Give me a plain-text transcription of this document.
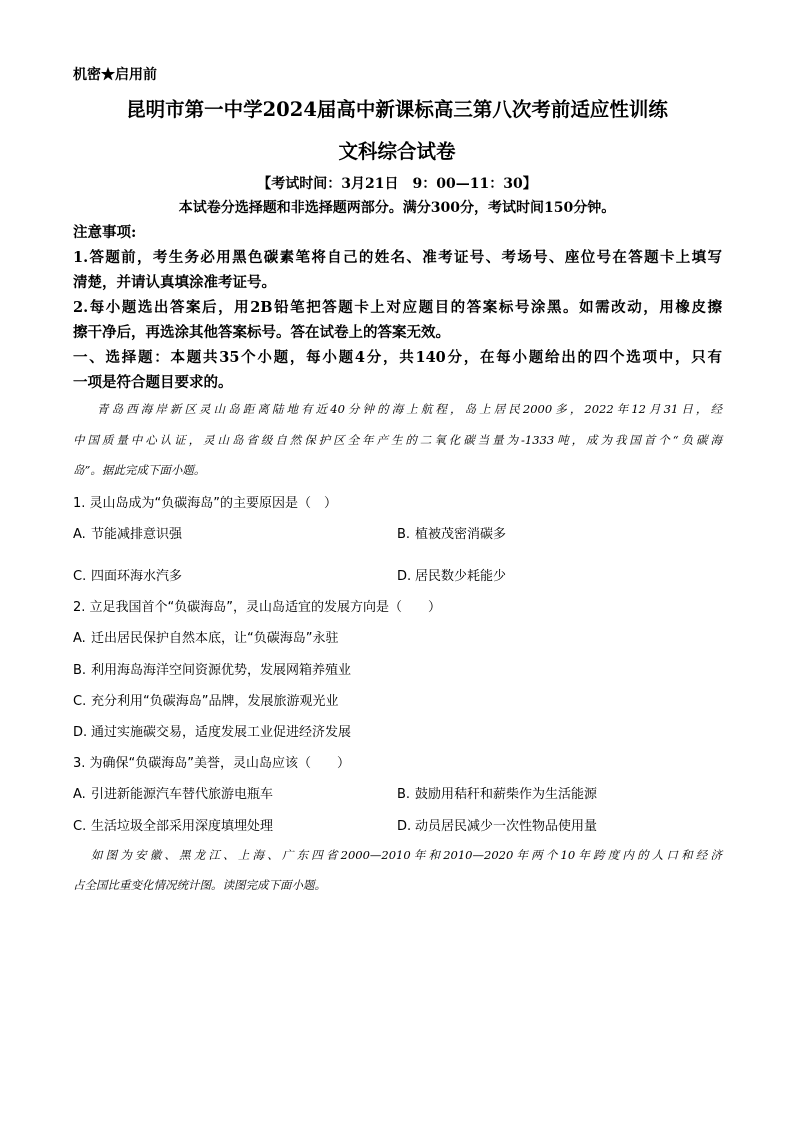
机密★启用前
昆明市第一中学2024届高中新课标高三第八次考前适应性训练
文科综合试卷
【考试时间：3月21日　9：00—11：30】
本试卷分选择题和非选择题两部分。满分300分，考试时间150分钟。
注意事项:
1.答题前，考生务必用黑色碳素笔将自己的姓名、准考证号、考场号、座位号在答题卡上填写
清楚，并请认真填涂准考证号。
2.每小题选出答案后，用2B铅笔把答题卡上对应题目的答案标号涂黑。如需改动，用橡皮擦
擦干净后，再选涂其他答案标号。答在试卷上的答案无效。
一、选择题：本题共35个小题，每小题4分，共140分，在每小题给出的四个选项中，只有
一项是符合题目要求的。
青岛西海岸新区灵山岛距离陆地有近40分钟的海上航程，岛上居民2000多，2022年12月31日，经
中国质量中心认证，灵山岛省级自然保护区全年产生的二氧化碳当量为-1333吨，成为我国首个“负碳海
岛”。据此完成下面小题。
1. 灵山岛成为“负碳海岛”的主要原因是（　）
A. 节能减排意识强	B. 植被茂密消碳多
C. 四面环海水汽多	D. 居民数少耗能少
2. 立足我国首个“负碳海岛”，灵山岛适宜的发展方向是（　　）
A. 迁出居民保护自然本底，让“负碳海岛”永驻
B. 利用海岛海洋空间资源优势，发展网箱养殖业
C. 充分利用“负碳海岛”品牌，发展旅游观光业
D. 通过实施碳交易，适度发展工业促进经济发展
3. 为确保“负碳海岛”美誉，灵山岛应该（　　）
A. 引进新能源汽车替代旅游电瓶车	B. 鼓励用秸秆和薪柴作为生活能源
C. 生活垃圾全部采用深度填埋处理	D. 动员居民减少一次性物品使用量
如图为安徽、黑龙江、上海、广东四省2000—2010年和2010—2020年两个10年跨度内的人口和经济
占全国比重变化情况统计图。读图完成下面小题。
